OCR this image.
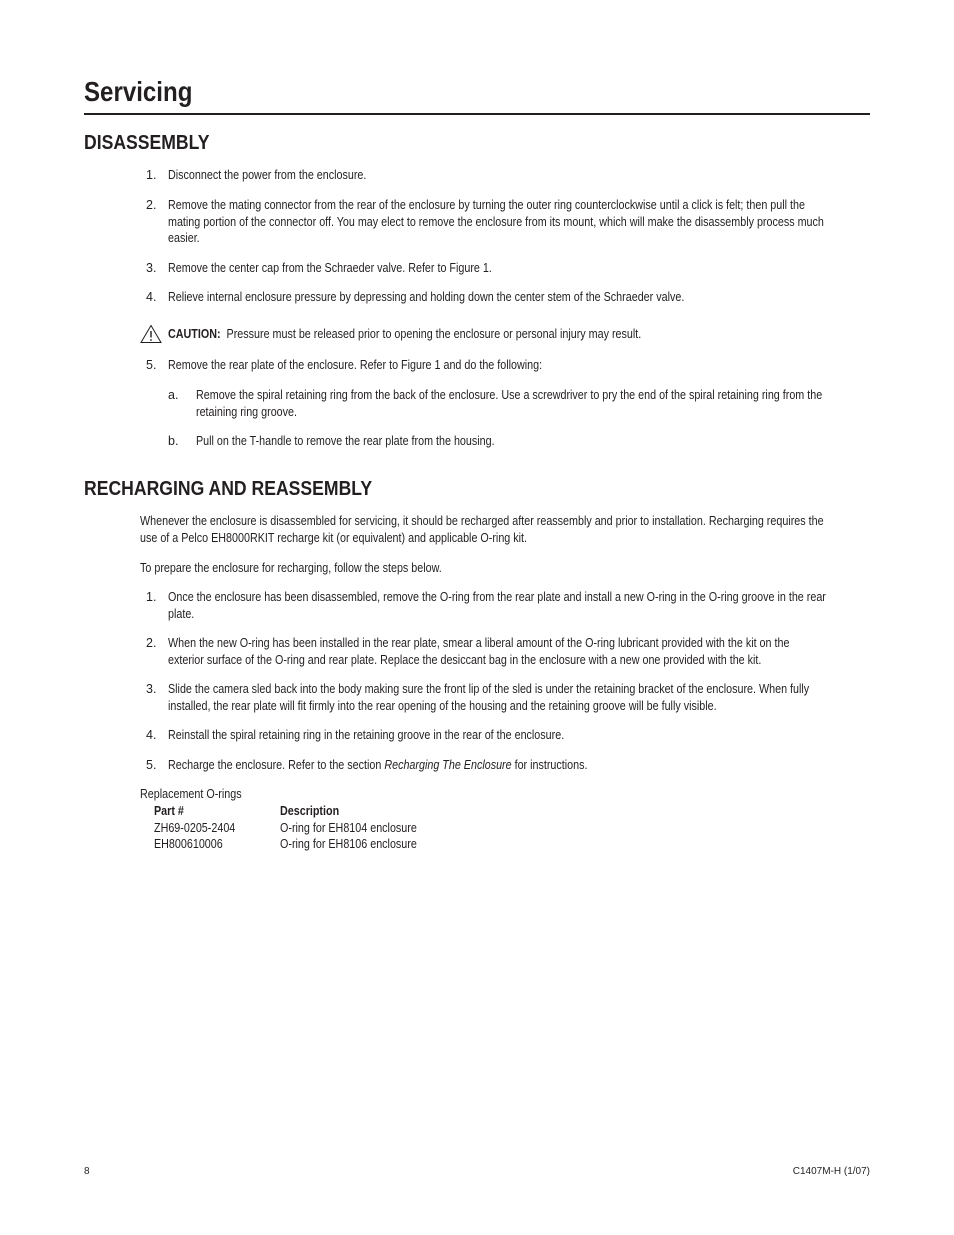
Servicing
DISASSEMBLY
1. Disconnect the power from the enclosure.
2. Remove the mating connector from the rear of the enclosure by turning the outer ring counterclockwise until a click is felt; then pull the
mating portion of the connector off. You may elect to remove the enclosure from its mount, which will make the disassembly process much
easier.
3. Remove the center cap from the Schraeder valve. Refer to Figure 1.
4. Relieve internal enclosure pressure by depressing and holding down the center stem of the Schraeder valve.
CAUTION: Pressure must be released prior to opening the enclosure or personal injury may result.
5. Remove the rear plate of the enclosure. Refer to Figure 1 and do the following:
a. Remove the spiral retaining ring from the back of the enclosure. Use a screwdriver to pry the end of the spiral retaining ring from the
retaining ring groove.
b. Pull on the T-handle to remove the rear plate from the housing.
RECHARGING AND REASSEMBLY
Whenever the enclosure is disassembled for servicing, it should be recharged after reassembly and prior to installation. Recharging requires the
use of a Pelco EH8000RKIT recharge kit (or equivalent) and applicable O-ring kit.
To prepare the enclosure for recharging, follow the steps below.
1. Once the enclosure has been disassembled, remove the O-ring from the rear plate and install a new O-ring in the O-ring groove in the rear
plate.
2. When the new O-ring has been installed in the rear plate, smear a liberal amount of the O-ring lubricant provided with the kit on the
exterior surface of the O-ring and rear plate. Replace the desiccant bag in the enclosure with a new one provided with the kit.
3. Slide the camera sled back into the body making sure the front lip of the sled is under the retaining bracket of the enclosure. When fully
installed, the rear plate will fit firmly into the rear opening of the housing and the retaining groove will be fully visible.
4. Reinstall the spiral retaining ring in the retaining groove in the rear of the enclosure.
5. Recharge the enclosure. Refer to the section Recharging The Enclosure for instructions.
Replacement O-rings
Part #	Description
ZH69-0205-2404	O-ring for EH8104 enclosure
EH800610006	O-ring for EH8106 enclosure
8	C1407M-H (1/07)
